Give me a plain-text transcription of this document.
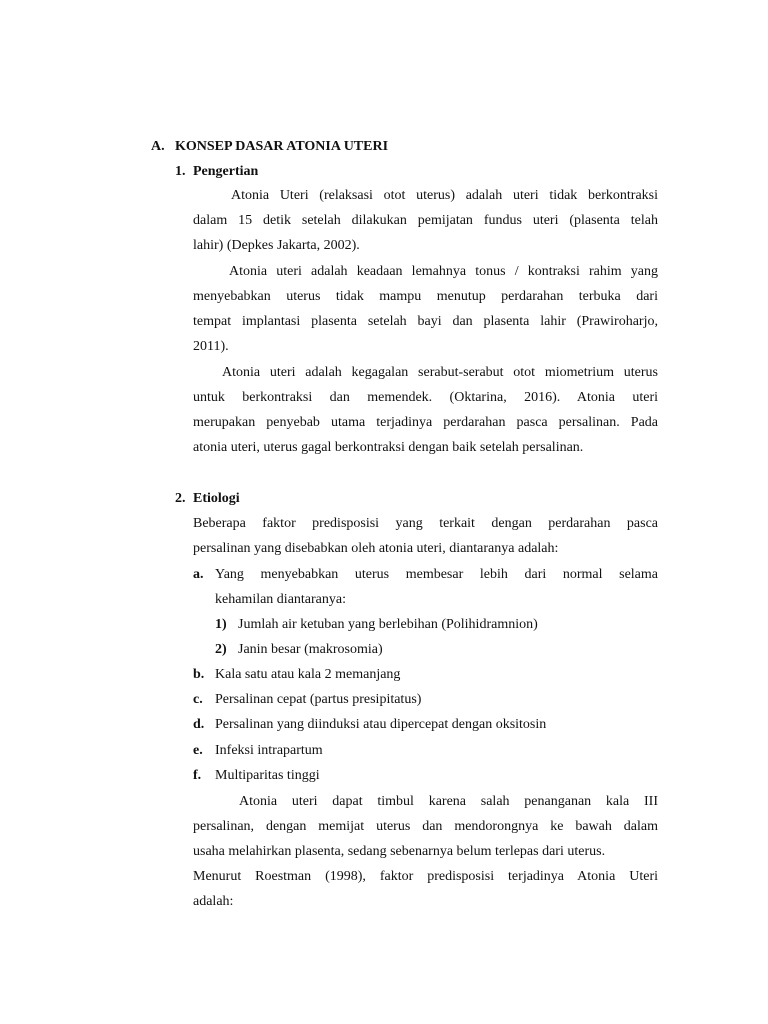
A. KONSEP DASAR ATONIA UTERI
1. Pengertian
Atonia Uteri (relaksasi otot uterus) adalah uteri tidak berkontraksi
dalam 15 detik setelah dilakukan pemijatan fundus uteri (plasenta telah
lahir) (Depkes Jakarta, 2002).
Atonia uteri adalah keadaan lemahnya tonus / kontraksi rahim yang
menyebabkan uterus tidak mampu menutup perdarahan terbuka dari
tempat implantasi plasenta setelah bayi dan plasenta lahir (Prawiroharjo,
2011).
Atonia uteri adalah kegagalan serabut-serabut otot miometrium uterus
untuk berkontraksi dan memendek. (Oktarina, 2016). Atonia uteri
merupakan penyebab utama terjadinya perdarahan pasca persalinan. Pada
atonia uteri, uterus gagal berkontraksi dengan baik setelah persalinan.
2. Etiologi
Beberapa faktor predisposisi yang terkait dengan perdarahan pasca
persalinan yang disebabkan oleh atonia uteri, diantaranya adalah:
a. Yang menyebabkan uterus membesar lebih dari normal selama
kehamilan diantaranya:
1) Jumlah air ketuban yang berlebihan (Polihidramnion)
2) Janin besar (makrosomia)
b. Kala satu atau kala 2 memanjang
c. Persalinan cepat (partus presipitatus)
d. Persalinan yang diinduksi atau dipercepat dengan oksitosin
e. Infeksi intrapartum
f. Multiparitas tinggi
Atonia uteri dapat timbul karena salah penanganan kala III
persalinan, dengan memijat uterus dan mendorongnya ke bawah dalam
usaha melahirkan plasenta, sedang sebenarnya belum terlepas dari uterus.
Menurut Roestman (1998), faktor predisposisi terjadinya Atonia Uteri
adalah:
